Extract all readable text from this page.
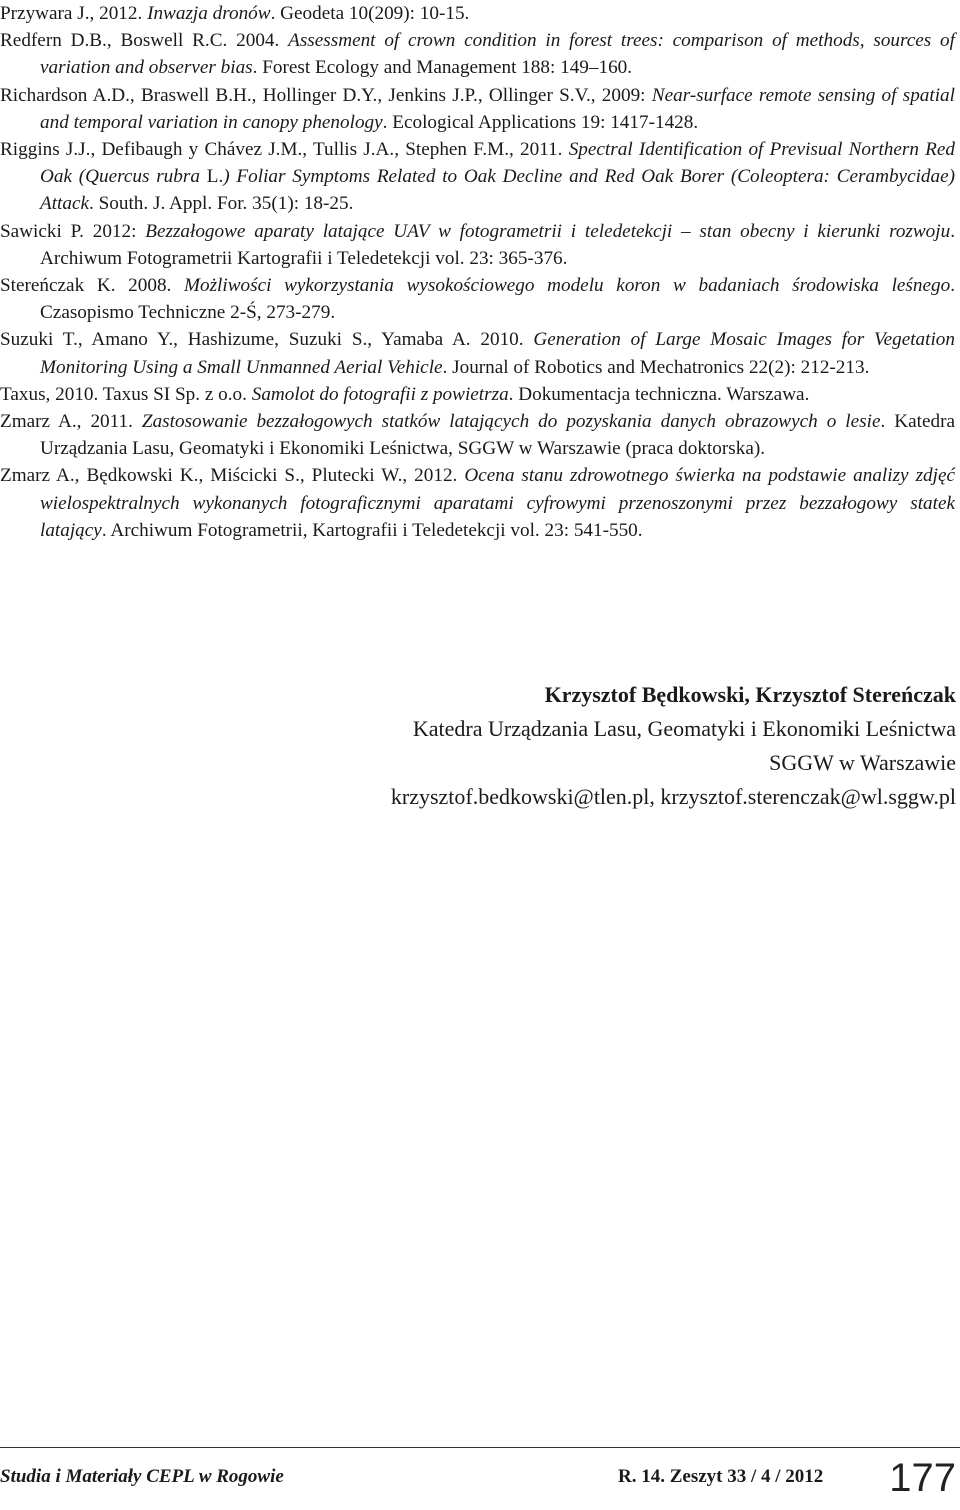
Przywara J., 2012. Inwazja dronów. Geodeta 10(209): 10-15.
Redfern D.B., Boswell R.C. 2004. Assessment of crown condition in forest trees: comparison of methods, sources of variation and observer bias. Forest Ecology and Management 188: 149–160.
Richardson A.D., Braswell B.H., Hollinger D.Y., Jenkins J.P., Ollinger S.V., 2009: Near-surface remote sensing of spatial and temporal variation in canopy phenology. Ecological Applications 19: 1417-1428.
Riggins J.J., Defibaugh y Chávez J.M., Tullis J.A., Stephen F.M., 2011. Spectral Identification of Previsual Northern Red Oak (Quercus rubra L.) Foliar Symptoms Related to Oak Decline and Red Oak Borer (Coleoptera: Cerambycidae) Attack. South. J. Appl. For. 35(1): 18-25.
Sawicki P. 2012: Bezzałogowe aparaty latające UAV w fotogrametrii i teledetekcji – stan obecny i kierunki rozwoju. Archiwum Fotogrametrii Kartografii i Teledetekcji vol. 23: 365-376.
Stereńczak K. 2008. Możliwości wykorzystania wysokościowego modelu koron w badaniach środowiska leśnego. Czasopismo Techniczne 2-Ś, 273-279.
Suzuki T., Amano Y., Hashizume, Suzuki S., Yamaba A. 2010. Generation of Large Mosaic Images for Vegetation Monitoring Using a Small Unmanned Aerial Vehicle. Journal of Robotics and Mechatronics 22(2): 212-213.
Taxus, 2010. Taxus SI Sp. z o.o. Samolot do fotografii z powietrza. Dokumentacja techniczna. Warszawa.
Zmarz A., 2011. Zastosowanie bezzałogowych statków latających do pozyskania danych obrazowych o lesie. Katedra Urządzania Lasu, Geomatyki i Ekonomiki Leśnictwa, SGGW w Warszawie (praca doktorska).
Zmarz A., Będkowski K., Miścicki S., Plutecki W., 2012. Ocena stanu zdrowotnego świerka na podstawie analizy zdjęć wielospektralnych wykonanych fotograficznymi aparatami cyfrowymi przenoszonymi przez bezzałogowy statek latający. Archiwum Fotogrametrii, Kartografii i Teledetekcji vol. 23: 541-550.
Krzysztof Będkowski, Krzysztof Stereńczak
Katedra Urządzania Lasu, Geomatyki i Ekonomiki Leśnictwa
SGGW w Warszawie
krzysztof.bedkowski@tlen.pl, krzysztof.sterenczak@wl.sggw.pl
Studia i Materiały CEPL w Rogowie	R. 14. Zeszyt 33 / 4 / 2012 177
